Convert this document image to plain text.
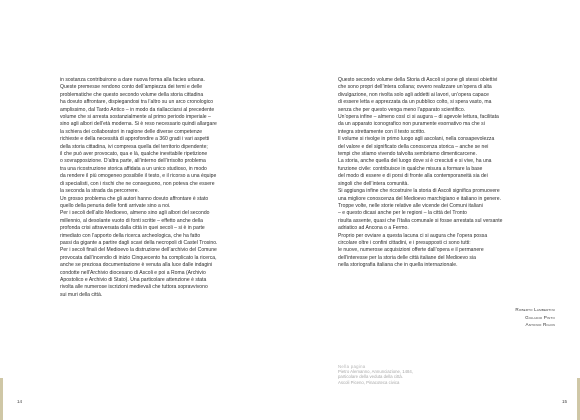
in sostanza contribuirono a dare nuova forma alla facies urbana.

Queste premesse rendono conto dell’ampiezza dei temi e delle

problematiche che questo secondo volume della storia cittadina

ha dovuto affrontare, dispiegandosi tra l’altro su un arco cronologico

amplissimo, dal Tardo Antico – in modo da riallacciarsi al precedente

volume che si arresta sostanzialmente al primo periodo imperiale –

sino agli albori dell’età moderna. Si è reso necessario quindi allargare

la schiera dei collaboratori in ragione delle diverse competenze

richieste e della necessità di approfondire a 360 gradi i vari aspetti

della storia cittadina, ivi compresa quella del territorio dipendente;

il che può aver provocato, qua e là, qualche inevitabile ripetizione

o sovrapposizione. D’altra parte, all’interno dell’irrisolto problema

tra una ricostruzione storica affidata a un unico studioso, in modo

da rendere il più omogeneo possibile il testo, e il ricorso a una équipe

di specialisti, con i rischi che ne conseguono, non poteva che essere

la seconda la strada da percorrere.

Un grosso problema che gli autori hanno dovuto affrontare è stato

quello della penuria delle fonti arrivate sino a noi.

Per i secoli dell’alto Medioevo, almeno sino agli albori del secondo

millennio, al desolante vuoto di fonti scritte – effetto anche della

profonda crisi attraversata dalla città in quei secoli – si è in parte

rimediato con l’apporto della ricerca archeologica, che ha fatto

passi da gigante a partire dagli scavi della necropoli di Castel Trosino.

Per i secoli finali del Medioevo la distruzione dell’archivio del Comune

provocata dall’incendio di inizio Cinquecento ha complicato la ricerca,

anche se preziosa documentazione è venuta alla luce dalle indagini

condotte nell’Archivio diocesano di Ascoli e poi a Roma (Archivio

Apostolico e Archivio di Stato). Una particolare attenzione è stata

rivolta alle numerose iscrizioni medievali che tuttora sopravvivono

sui muri della città.

14

Questo secondo volume della Storia di Ascoli si pone gli stessi obiettivi

che sono propri dell’intera collana; ovvero realizzare un’opera di alta

divulgazione, non rivolta solo agli addetti ai lavori, un’opera capace

di essere letta e apprezzata da un pubblico colto, si spera vasto, ma

senza che per questo venga meno l’apparato scientifico.

Un’opera infine – almeno così ci si augura – di agevole lettura, facilitata

da un apparato iconografico non puramente esornativo ma che si

integra strettamente con il testo scritto.

Il volume si rivolge in primo luogo agli ascolani, nella consapevolezza

del valore e del significato della conoscenza storica – anche se nei

tempi che stiamo vivendo talvolta sembriamo dimenticarcene.

La storia, anche quella del luogo dove si è cresciuti e si vive, ha una

funzione civile: contribuisce in qualche misura a formare la base

del modo di essere e di porsi di fronte alla contemporaneità sia dei

singoli che dell’intera comunità.

Si aggiunga infine che ricostruire la storia di Ascoli significa promuovere

una migliore conoscenza del Medioevo marchigiano e italiano in genere.

Troppe volte, nelle storie relative alle vicende dei Comuni italiani

– e questo dicasi anche per le regioni – la città del Tronto

risulta assente, quasi che l’Italia comunale si fosse arrestata sul versante

adriatico ad Ancona o a Fermo.

Proprio per ovviare a questa lacuna ci si augura che l’opera possa

circolare oltre i confini cittadini, e i presupposti ci sono tutti:

le nuove, numerose acquisizioni offerte dall’opera e il permanere

dell’interesse per la storia delle città italiane del Medioevo sia

nella storiografia italiana che in quella internazionale.

Roberto Lambertini
Giuliano Pinto
Antonio Rigon
Nella pagina
Pietro Alemanno, Annunciazione, 1484,
particolare della veduta della città.
Ascoli Piceno, Pinacoteca civica
15
